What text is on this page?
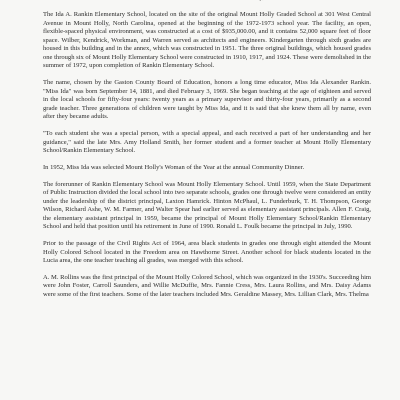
The Ida A. Rankin Elementary School, located on the site of the original Mount Holly Graded School at 301 West Central Avenue in Mount Holly, North Carolina, opened at the beginning of the 1972-1973 school year. The facility, an open, flexible-spaced physical environment, was constructed at a cost of $935,000.00, and it contains 52,000 square feet of floor space. Wilber, Kendrick, Workman, and Warren served as architects and engineers. Kindergarten through sixth grades are housed in this building and in the annex, which was constructed in 1951. The three original buildings, which housed grades one through six of Mount Holly Elementary School were constructed in 1910, 1917, and 1924. These were demolished in the summer of 1972, upon completion of Rankin Elementary School.

The name, chosen by the Gaston County Board of Education, honors a long time educator, Miss Ida Alexander Rankin. "Miss Ida" was born September 14, 1881, and died February 3, 1969. She began teaching at the age of eighteen and served in the local schools for fifty-four years: twenty years as a primary supervisor and thirty-four years, primarily as a second grade teacher. Three generations of children were taught by Miss Ida, and it is said that she knew them all by name, even after they became adults.

"To each student she was a special person, with a special appeal, and each received a part of her understanding and her guidance," said the late Mrs. Amy Holland Smith, her former student and a former teacher at Mount Holly Elementary School/Rankin Elementary School.

In 1952, Miss Ida was selected Mount Holly's Woman of the Year at the annual Community Dinner.

The forerunner of Rankin Elementary School was Mount Holly Elementary School. Until 1959, when the State Department of Public Instruction divided the local school into two separate schools, grades one through twelve were considered an entity under the leadership of the district principal, Laxton Hamrick. Hinton McPhaul, L. Funderburk, T. H. Thompson, George Wilson, Richard Ashe, W. M. Farmer, and Walter Spear had earlier served as elementary assistant principals. Allen F. Craig, the elementary assistant principal in 1959, became the principal of Mount Holly Elementary School/Rankin Elementary School and held that position until his retirement in June of 1990. Ronald L. Foulk became the principal in July, 1990.

Prior to the passage of the Civil Rights Act of 1964, area black students in grades one through eight attended the Mount Holly Colored School located in the Freedom area on Hawthorne Street. Another school for black students located in the Lucia area, the one teacher teaching all grades, was merged with this school.

A. M. Rollins was the first principal of the Mount Holly Colored School, which was organized in the 1930's. Succeeding him were John Foster, Carroll Saunders, and Willie McDuffie, Mrs. Fannie Cress, Mrs. Laura Rollins, and Mrs. Daisy Adams were some of the first teachers. Some of the later teachers included Mrs. Geraldine Massey, Mrs. Lillian Clark, Mrs. Thelma
